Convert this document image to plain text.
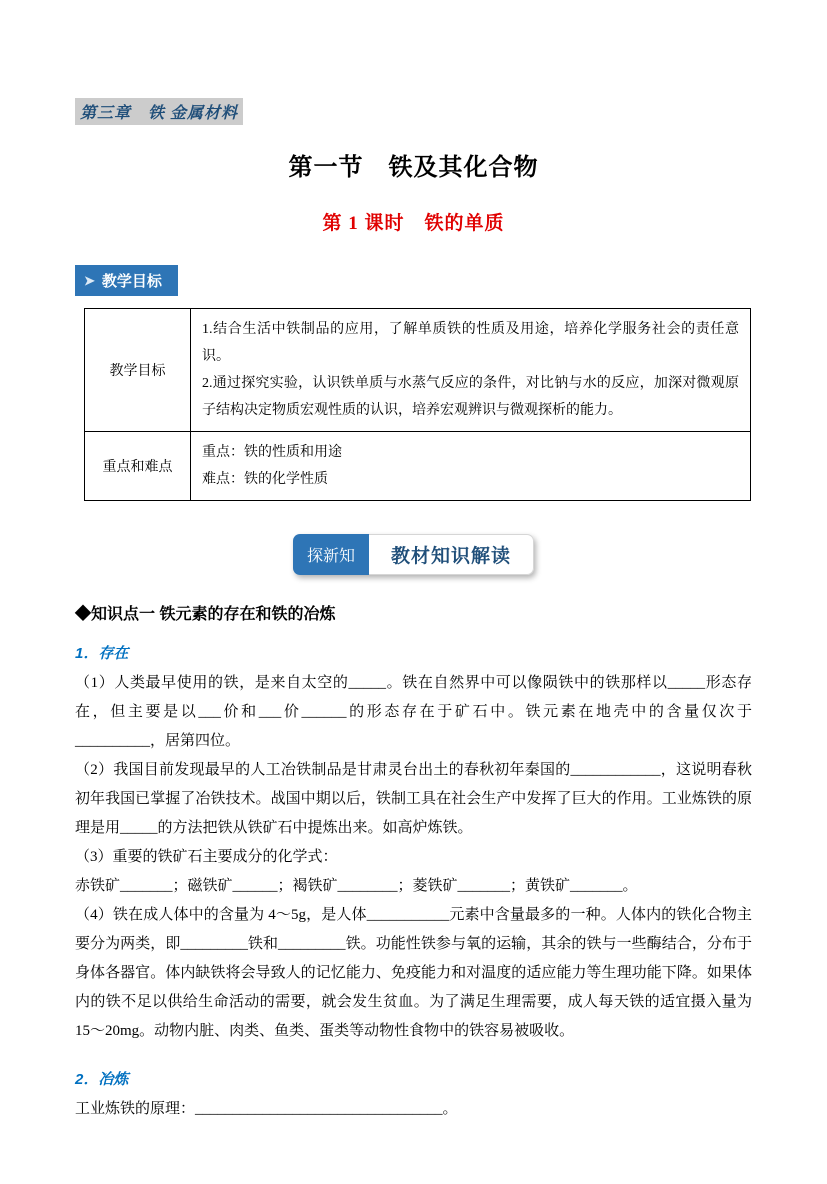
第三章　铁 金属材料
第一节　铁及其化合物
第 1 课时　铁的单质
➤ 教学目标
教学目标	1.结合生活中铁制品的应用，了解单质铁的性质及用途，培养化学服务社会的责任意识。

2.通过探究实验，认识铁单质与水蒸气反应的条件，对比钠与水的反应，加深对微观原子结构决定物质宏观性质的认识，培养宏观辨识与微观探析的能力。

重点和难点	重点：铁的性质和用途

难点：铁的化学性质

探新知	教材知识解读
◆知识点一 铁元素的存在和铁的冶炼
1．存在

（1）人类最早使用的铁，是来自太空的_____。铁在自然界中可以像陨铁中的铁那样以_____形态存在，但主要是以___价和___价______的形态存在于矿石中。铁元素在地壳中的含量仅次于 __________，居第四位。

（2）我国目前发现最早的人工冶铁制品是甘肃灵台出土的春秋初年秦国的____________，这说明春秋初年我国已掌握了冶铁技术。战国中期以后，铁制工具在社会生产中发挥了巨大的作用。工业炼铁的原理是用_____的方法把铁从铁矿石中提炼出来。如高炉炼铁。

（3）重要的铁矿石主要成分的化学式：

赤铁矿_______；磁铁矿______；褐铁矿________；菱铁矿_______；黄铁矿_______。

（4）铁在成人体中的含量为 4～5g，是人体___________元素中含量最多的一种。人体内的铁化合物主要分为两类，即_________铁和_________铁。功能性铁参与氧的运输，其余的铁与一些酶结合，分布于身体各器官。体内缺铁将会导致人的记忆能力、免疫能力和对温度的适应能力等生理功能下降。如果体内的铁不足以供给生命活动的需要，就会发生贫血。为了满足生理需要，成人每天铁的适宜摄入量为 15～20mg。动物内脏、肉类、鱼类、蛋类等动物性食物中的铁容易被吸收。

2．冶炼

工业炼铁的原理：_________________________________。
